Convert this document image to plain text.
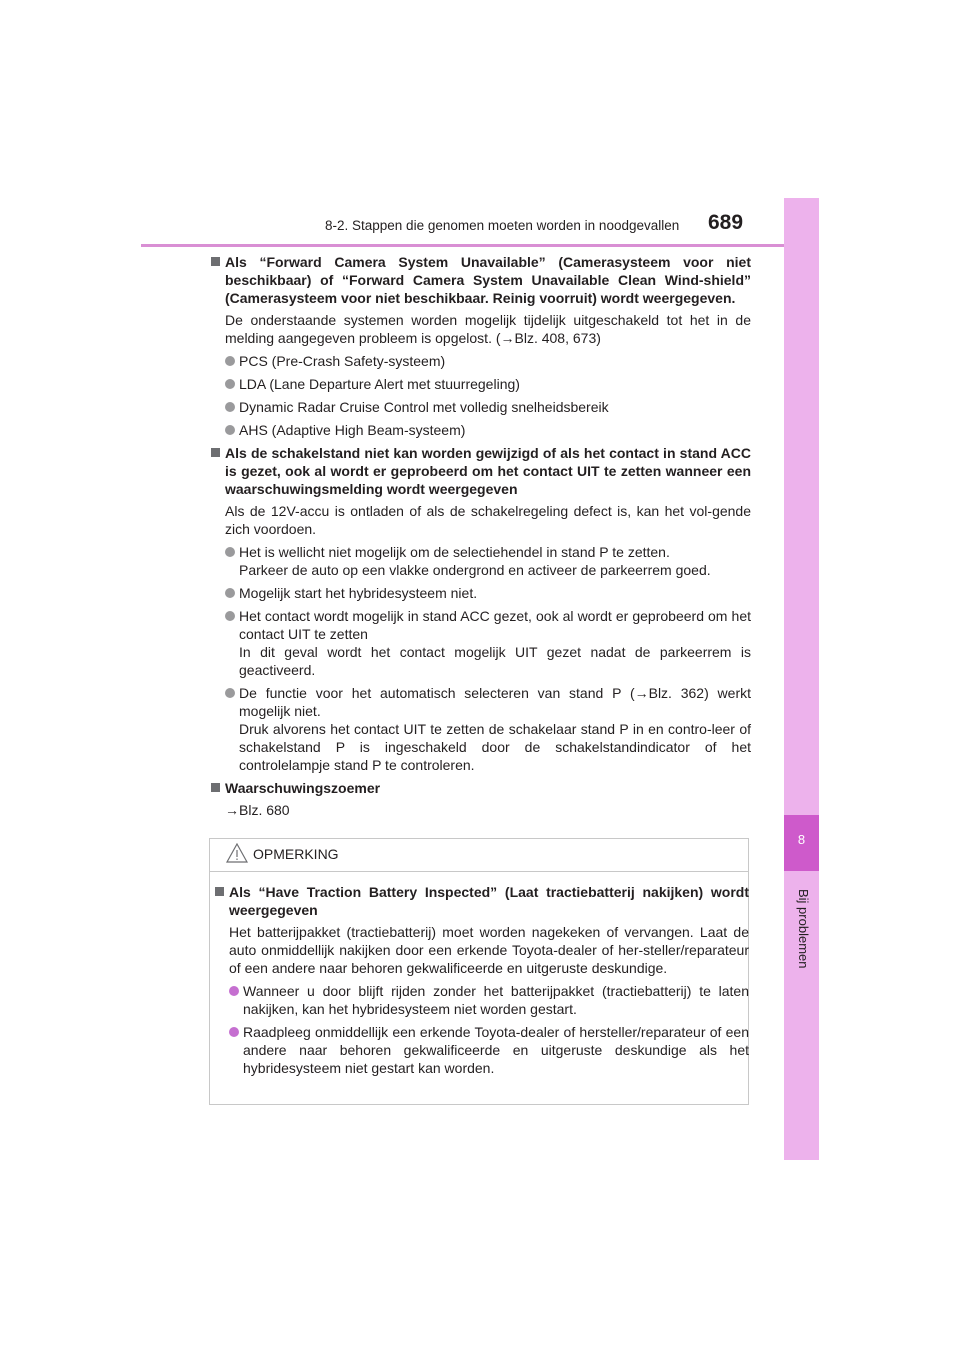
8-2. Stappen die genomen moeten worden in noodgevallen	689
8
Bij problemen
Als “Forward Camera System Unavailable” (Camerasysteem voor niet beschikbaar) of “Forward Camera System Unavailable Clean Wind-shield” (Camerasysteem voor niet beschikbaar. Reinig voorruit) wordt weergegeven.
De onderstaande systemen worden mogelijk tijdelijk uitgeschakeld tot het in de melding aangegeven probleem is opgelost. (→Blz. 408, 673)
PCS (Pre-Crash Safety-systeem)
LDA (Lane Departure Alert met stuurregeling)
Dynamic Radar Cruise Control met volledig snelheidsbereik
AHS (Adaptive High Beam-systeem)
Als de schakelstand niet kan worden gewijzigd of als het contact in stand ACC is gezet, ook al wordt er geprobeerd om het contact UIT te zetten wanneer een waarschuwingsmelding wordt weergegeven
Als de 12V-accu is ontladen of als de schakelregeling defect is, kan het vol-gende zich voordoen.
Het is wellicht niet mogelijk om de selectiehendel in stand P te zetten.
Parkeer de auto op een vlakke ondergrond en activeer de parkeerrem goed.
Mogelijk start het hybridesysteem niet.
Het contact wordt mogelijk in stand ACC gezet, ook al wordt er geprobeerd om het contact UIT te zetten
In dit geval wordt het contact mogelijk UIT gezet nadat de parkeerrem is geactiveerd.
De functie voor het automatisch selecteren van stand P (→Blz. 362) werkt mogelijk niet.
Druk alvorens het contact UIT te zetten de schakelaar stand P in en contro-leer of schakelstand P is ingeschakeld door de schakelstandindicator of het controlelampje stand P te controleren.
Waarschuwingszoemer
→Blz. 680
OPMERKING
Als “Have Traction Battery Inspected” (Laat tractiebatterij nakijken) wordt weergegeven
Het batterijpakket (tractiebatterij) moet worden nagekeken of vervangen. Laat de auto onmiddellijk nakijken door een erkende Toyota-dealer of her-steller/reparateur of een andere naar behoren gekwalificeerde en uitgeruste deskundige.
Wanneer u door blijft rijden zonder het batterijpakket (tractiebatterij) te laten nakijken, kan het hybridesysteem niet worden gestart.
Raadpleeg onmiddellijk een erkende Toyota-dealer of hersteller/reparateur of een andere naar behoren gekwalificeerde en uitgeruste deskundige als het hybridesysteem niet gestart kan worden.
